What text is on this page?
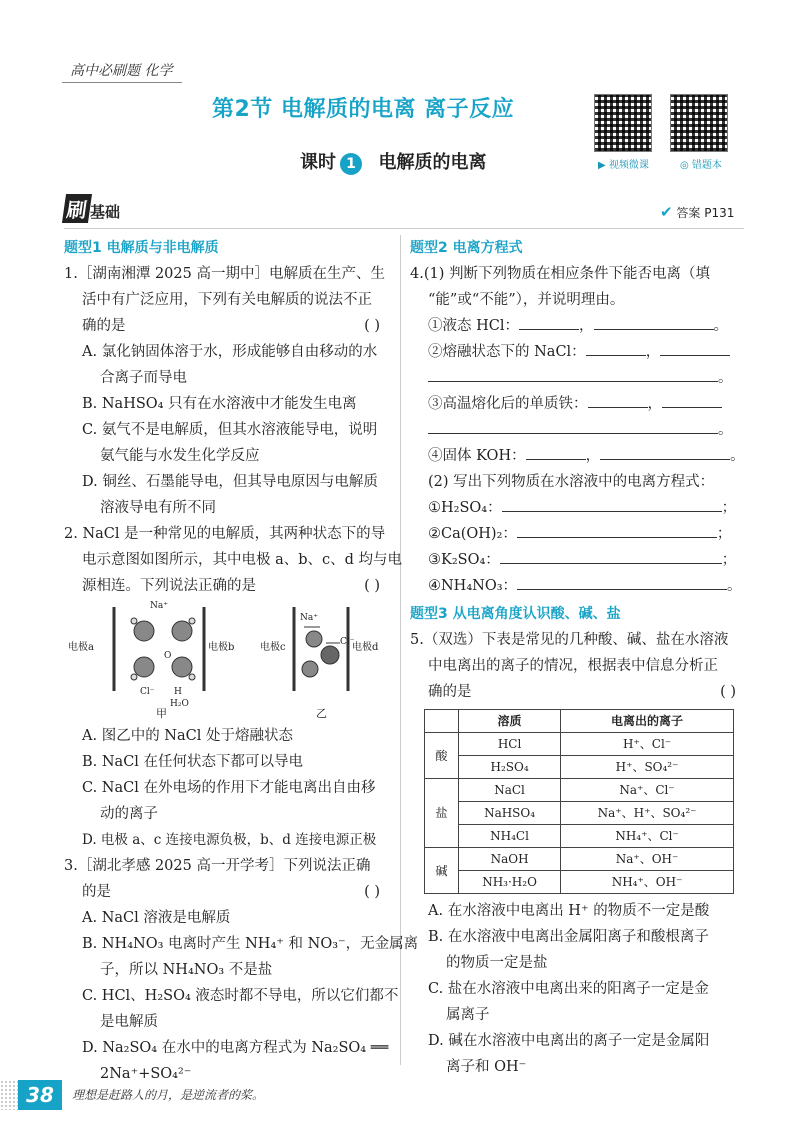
高中必刷题 化学
第2节 电解质的电离 离子反应
▶ 视频微课	◎ 错题本
课时 1 电解质的电离
刷 基础	✔ 答案 P131

题型1 电解质与非电解质

1.［湖南湘潭 2025 高一期中］电解质在生产、生

活中有广泛应用，下列有关电解质的说法不正

确的是	( )

A. 氯化钠固体溶于水，形成能够自由移动的水

合离子而导电

B. NaHSO₄ 只有在水溶液中才能发生电离

C. 氨气不是电解质，但其水溶液能导电，说明

氨气能与水发生化学反应

D. 铜丝、石墨能导电，但其导电原因与电解质

溶液导电有所不同

2. NaCl 是一种常见的电解质，其两种状态下的导

电示意图如图所示，其中电极 a、b、c、d 均与电

源相连。下列说法正确的是	( )

电极a	电极b	电极c	电极d
Na⁺
Cl⁻ H
O
H₂O
Na⁺
Cl⁻
甲	乙

A. 图乙中的 NaCl 处于熔融状态

B. NaCl 在任何状态下都可以导电

C. NaCl 在外电场的作用下才能电离出自由移

动的离子

D. 电极 a、c 连接电源负极，b、d 连接电源正极

3.［湖北孝感 2025 高一开学考］下列说法正确

的是	( )

A. NaCl 溶液是电解质

B. NH₄NO₃ 电离时产生 NH₄⁺ 和 NO₃⁻，无金属离

子，所以 NH₄NO₃ 不是盐

C. HCl、H₂SO₄ 液态时都不导电，所以它们都不

是电解质

D. Na₂SO₄ 在水中的电离方程式为 Na₂SO₄ ══

2Na⁺+SO₄²⁻

题型2 电离方程式

4.(1) 判断下列物质在相应条件下能否电离（填

“能”或“不能”），并说明理由。

①液态 HCl：	，	。

②熔融状态下的 NaCl：	，

。

③高温熔化后的单质铁：	，

。

④固体 KOH：	，	。

(2) 写出下列物质在水溶液中的电离方程式：

①H₂SO₄：	；

②Ca(OH)₂：	；

③K₂SO₄：	；

④NH₄NO₃：	。

题型3 从电离角度认识酸、碱、盐

5.（双选）下表是常见的几种酸、碱、盐在水溶液

中电离出的离子的情况，根据表中信息分析正

确的是	( )

	溶质	电离出的离子
酸	HCl	H⁺、Cl⁻
	H₂SO₄	H⁺、SO₄²⁻
盐	NaCl	Na⁺、Cl⁻
	NaHSO₄	Na⁺、H⁺、SO₄²⁻
	NH₄Cl	NH₄⁺、Cl⁻
碱	NaOH	Na⁺、OH⁻
	NH₃·H₂O	NH₄⁺、OH⁻

A. 在水溶液中电离出 H⁺ 的物质不一定是酸

B. 在水溶液中电离出金属阳离子和酸根离子

的物质一定是盐

C. 盐在水溶液中电离出来的阳离子一定是金

属离子

D. 碱在水溶液中电离出的离子一定是金属阳

离子和 OH⁻

38	理想是赶路人的月，是逆流者的桨。
